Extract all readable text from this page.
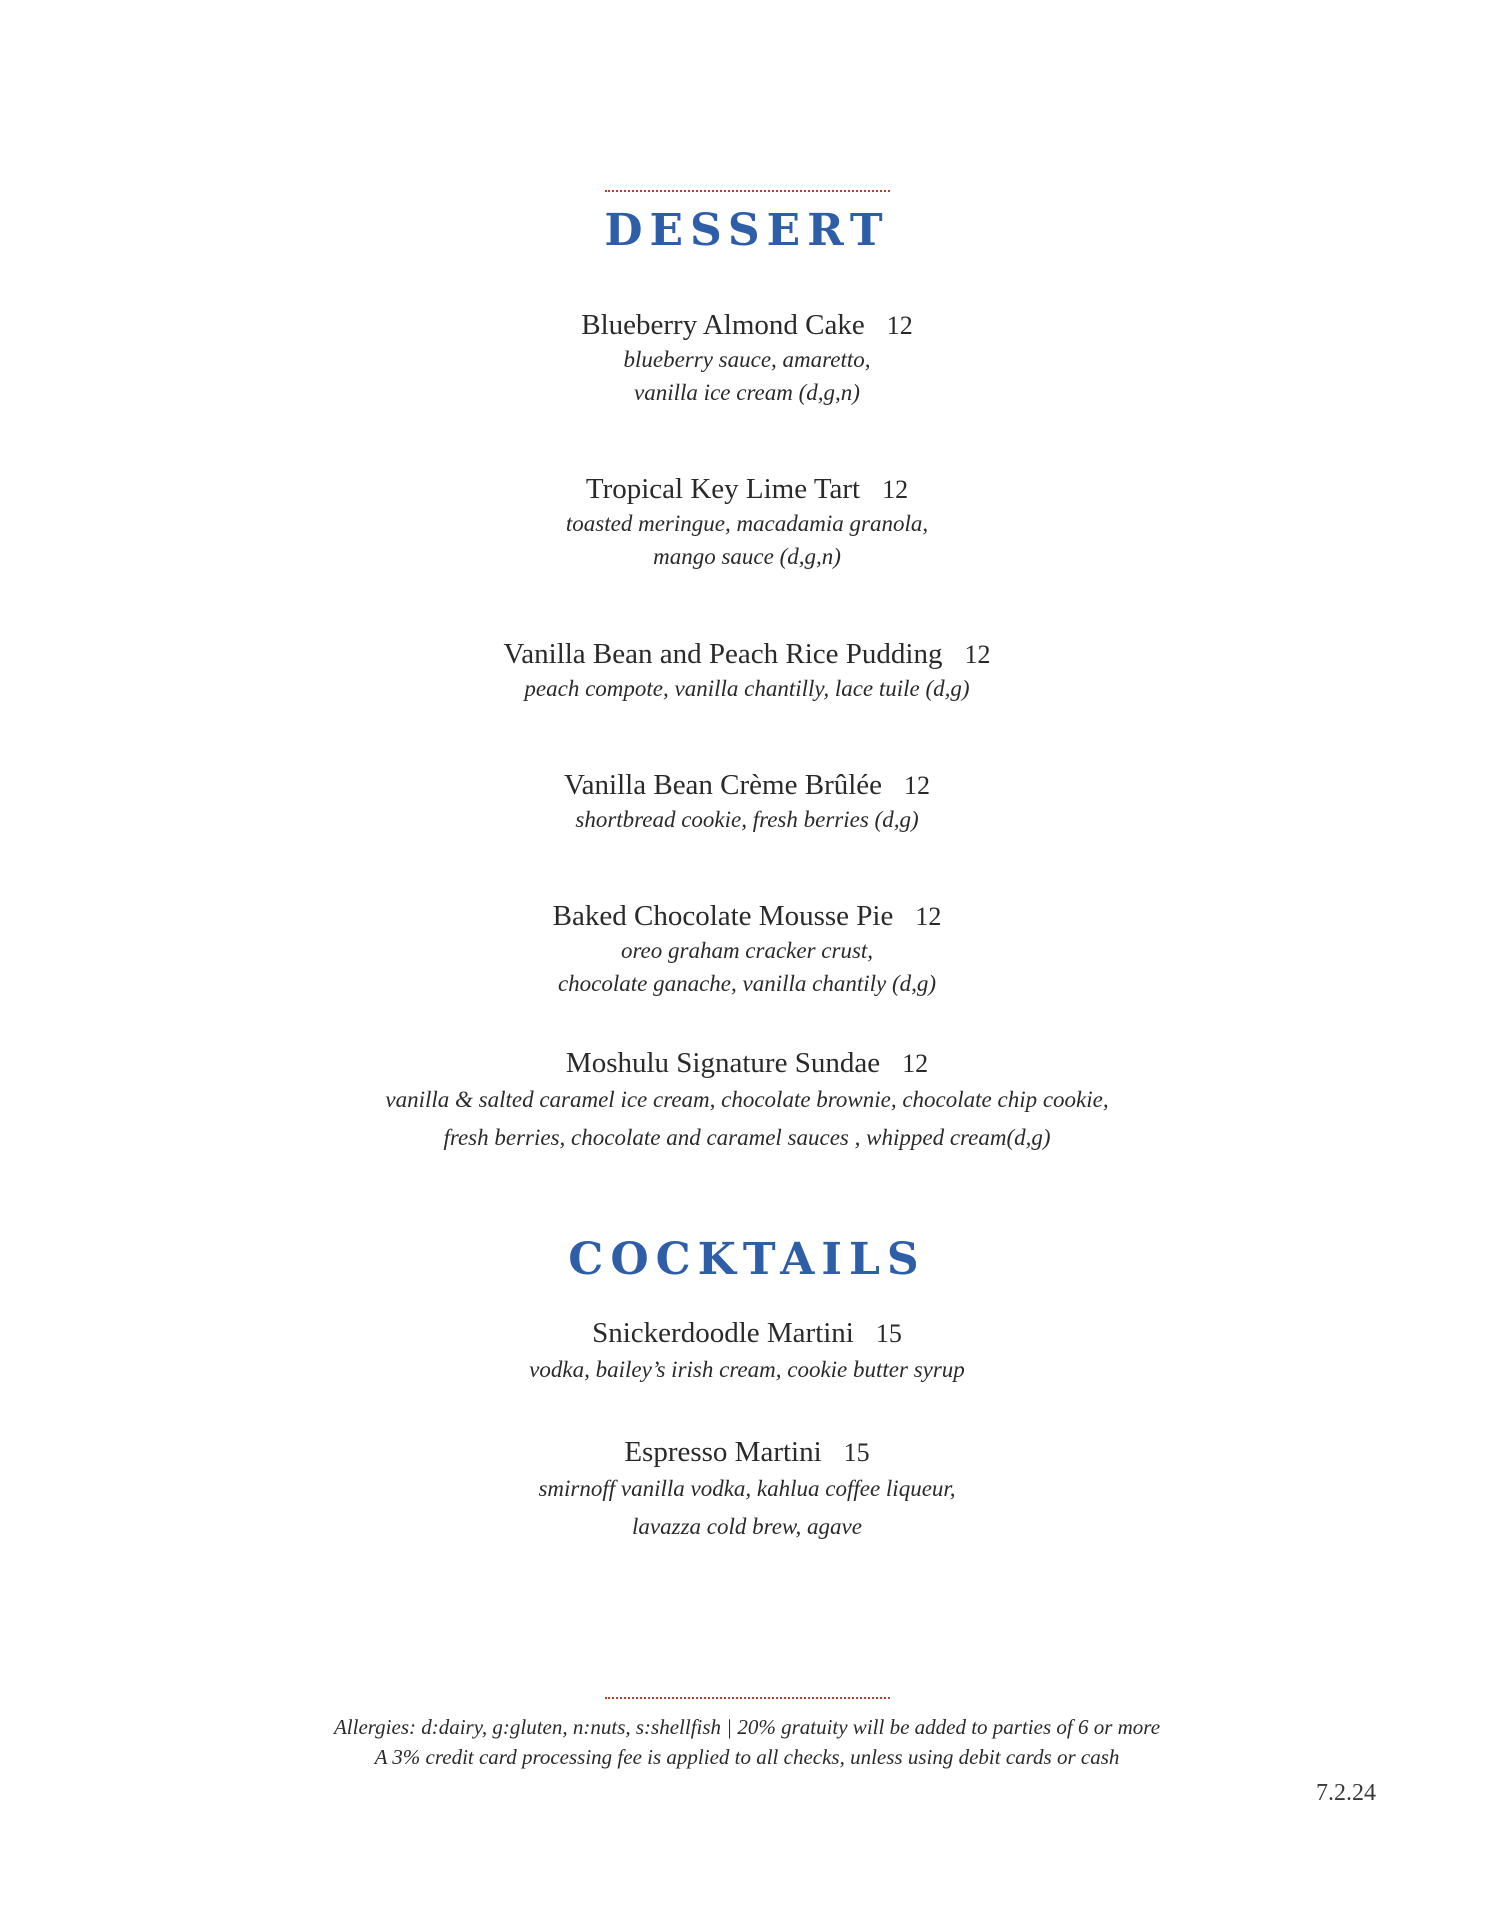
DESSERT
Blueberry Almond Cake 12
blueberry sauce, amaretto,
vanilla ice cream (d,g,n)
Tropical Key Lime Tart 12
toasted meringue, macadamia granola,
mango sauce (d,g,n)
Vanilla Bean and Peach Rice Pudding 12
peach compote, vanilla chantilly, lace tuile (d,g)
Vanilla Bean Crème Brûlée 12
shortbread cookie, fresh berries (d,g)
Baked Chocolate Mousse Pie 12
oreo graham cracker crust,
chocolate ganache, vanilla chantily (d,g)
Moshulu Signature Sundae 12
vanilla & salted caramel ice cream, chocolate brownie, chocolate chip cookie,
fresh berries, chocolate and caramel sauces , whipped cream(d,g)
COCKTAILS
Snickerdoodle Martini 15
vodka, bailey’s irish cream, cookie butter syrup
Espresso Martini 15
smirnoff vanilla vodka, kahlua coffee liqueur,
lavazza cold brew, agave
Allergies: d:dairy, g:gluten, n:nuts, s:shellfish | 20% gratuity will be added to parties of 6 or more
A 3% credit card processing fee is applied to all checks, unless using debit cards or cash
7.2.24
